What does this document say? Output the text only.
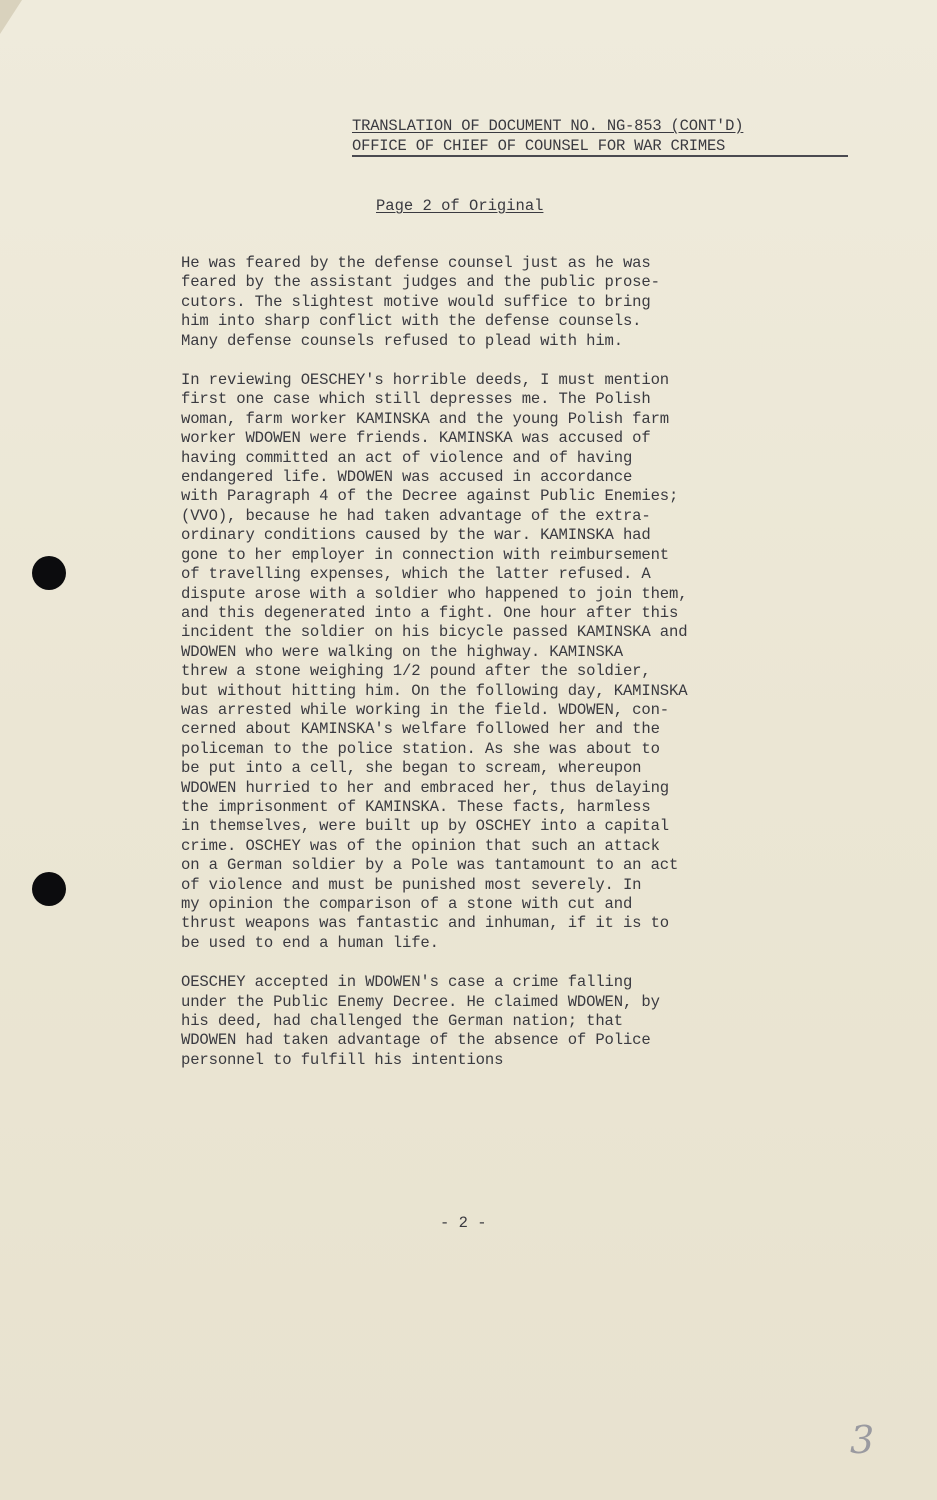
TRANSLATION OF DOCUMENT NO. NG-853 (CONT'D)
OFFICE OF CHIEF OF COUNSEL FOR WAR CRIMES
Page 2 of Original
He was feared by the defense counsel just as he was
feared by the assistant judges and the public prose-
cutors. The slightest motive would suffice to bring
him into sharp conflict with the defense counsels.
Many defense counsels refused to plead with him.
In reviewing OESCHEY's horrible deeds, I must mention
first one case which still depresses me. The Polish
woman, farm worker KAMINSKA and the young Polish farm
worker WDOWEN were friends. KAMINSKA was accused of
having committed an act of violence and of having
endangered life. WDOWEN was accused in accordance
with Paragraph 4 of the Decree against Public Enemies;
(VVO), because he had taken advantage of the extra-
ordinary conditions caused by the war. KAMINSKA had
gone to her employer in connection with reimbursement
of travelling expenses, which the latter refused. A
dispute arose with a soldier who happened to join them,
and this degenerated into a fight. One hour after this
incident the soldier on his bicycle passed KAMINSKA and
WDOWEN who were walking on the highway. KAMINSKA
threw a stone weighing 1/2 pound after the soldier,
but without hitting him. On the following day, KAMINSKA
was arrested while working in the field. WDOWEN, con-
cerned about KAMINSKA's welfare followed her and the
policeman to the police station. As she was about to
be put into a cell, she began to scream, whereupon
WDOWEN hurried to her and embraced her, thus delaying
the imprisonment of KAMINSKA. These facts, harmless
in themselves, were built up by OSCHEY into a capital
crime. OSCHEY was of the opinion that such an attack
on a German soldier by a Pole was tantamount to an act
of violence and must be punished most severely. In
my opinion the comparison of a stone with cut and
thrust weapons was fantastic and inhuman, if it is to
be used to end a human life.
OESCHEY accepted in WDOWEN's case a crime falling
under the Public Enemy Decree. He claimed WDOWEN, by
his deed, had challenged the German nation; that
WDOWEN had taken advantage of the absence of Police
personnel to fulfill his intentions
- 2 -
3
